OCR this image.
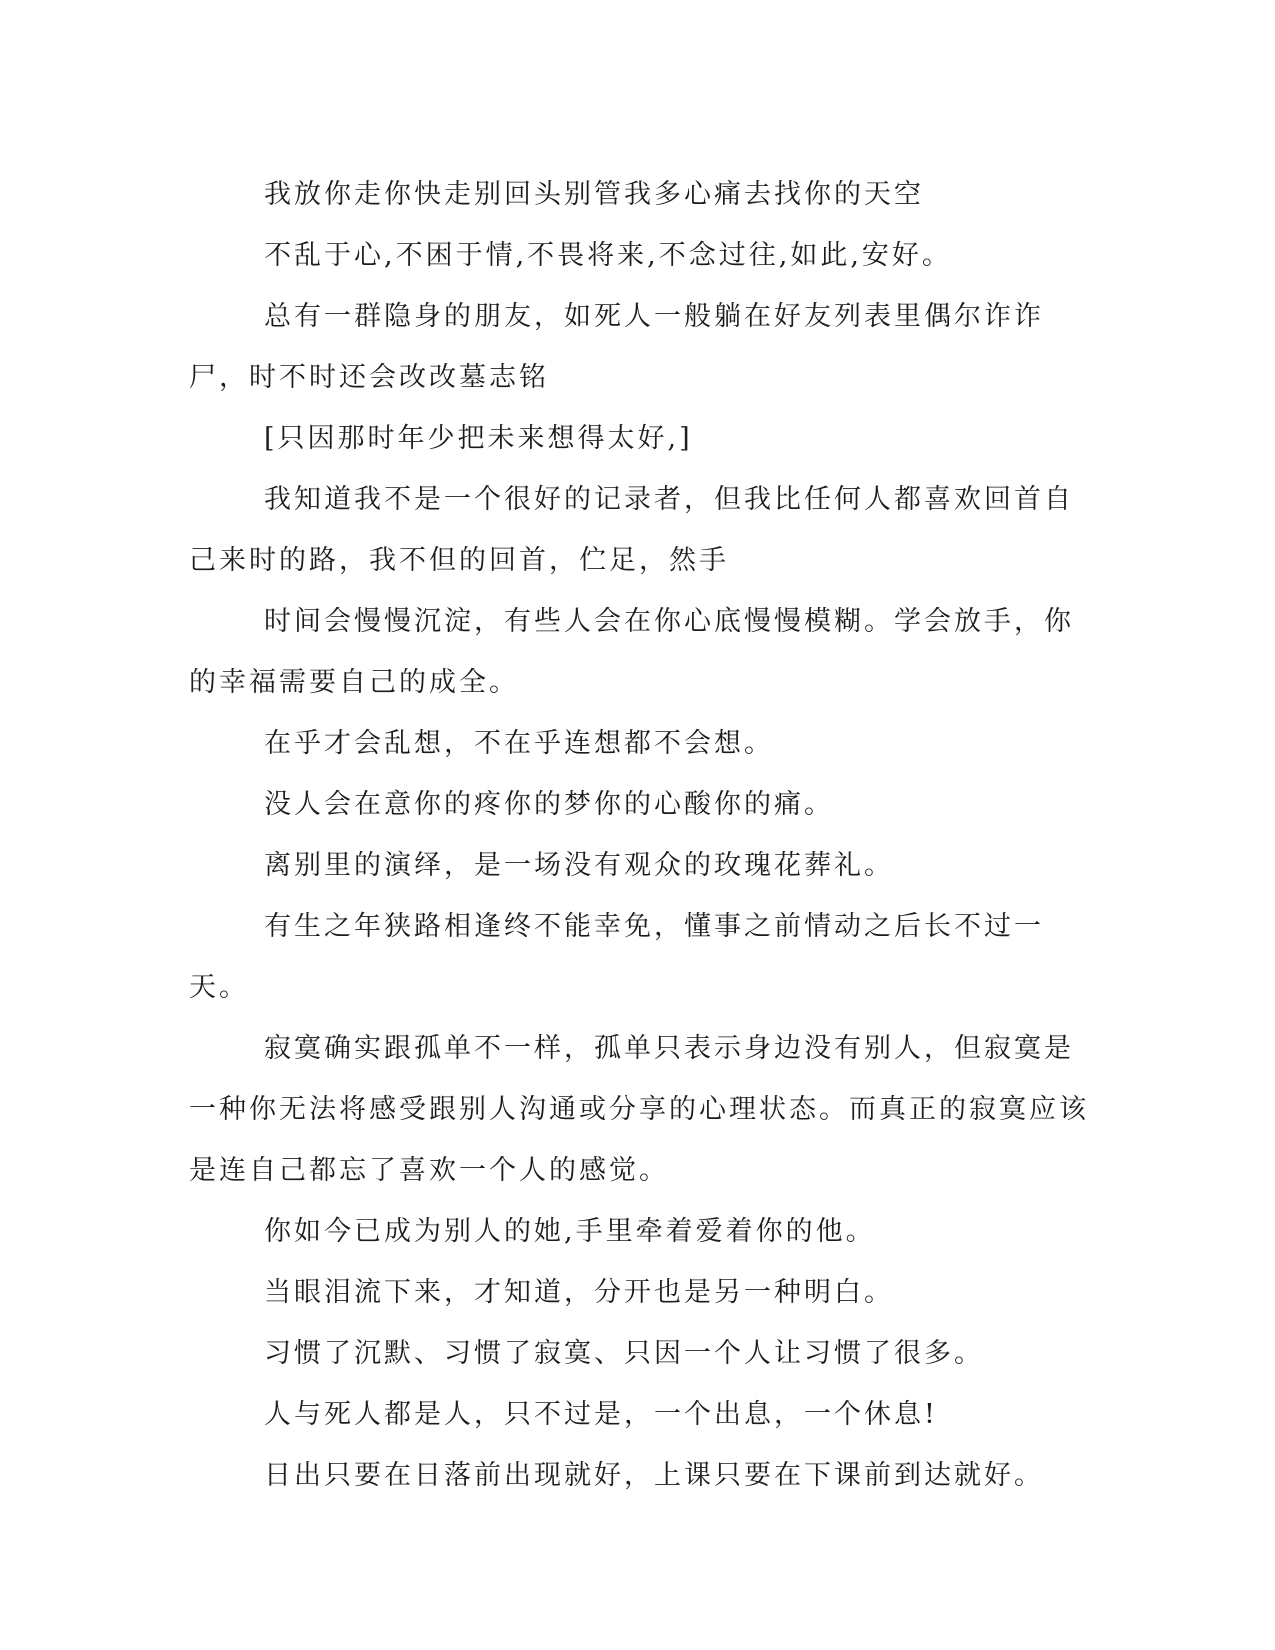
我放你走你快走别回头别管我多心痛去找你的天空

不乱于心,不困于情,不畏将来,不念过往,如此,安好。

总有一群隐身的朋友，如死人一般躺在好友列表里偶尔诈诈尸，时不时还会改改墓志铭

[只因那时年少把未来想得太好,]

我知道我不是一个很好的记录者，但我比任何人都喜欢回首自己来时的路，我不但的回首，伫足，然手

时间会慢慢沉淀，有些人会在你心底慢慢模糊。学会放手，你的幸福需要自己的成全。

在乎才会乱想，不在乎连想都不会想。

没人会在意你的疼你的梦你的心酸你的痛。

离别里的演绎，是一场没有观众的玫瑰花葬礼。

有生之年狭路相逢终不能幸免，懂事之前情动之后长不过一天。

寂寞确实跟孤单不一样，孤单只表示身边没有别人，但寂寞是一种你无法将感受跟别人沟通或分享的心理状态。而真正的寂寞应该是连自己都忘了喜欢一个人的感觉。

你如今已成为别人的她,手里牵着爱着你的他。

当眼泪流下来，才知道，分开也是另一种明白。

习惯了沉默、习惯了寂寞、只因一个人让习惯了很多。

人与死人都是人，只不过是，一个出息，一个休息!

日出只要在日落前出现就好，上课只要在下课前到达就好。
